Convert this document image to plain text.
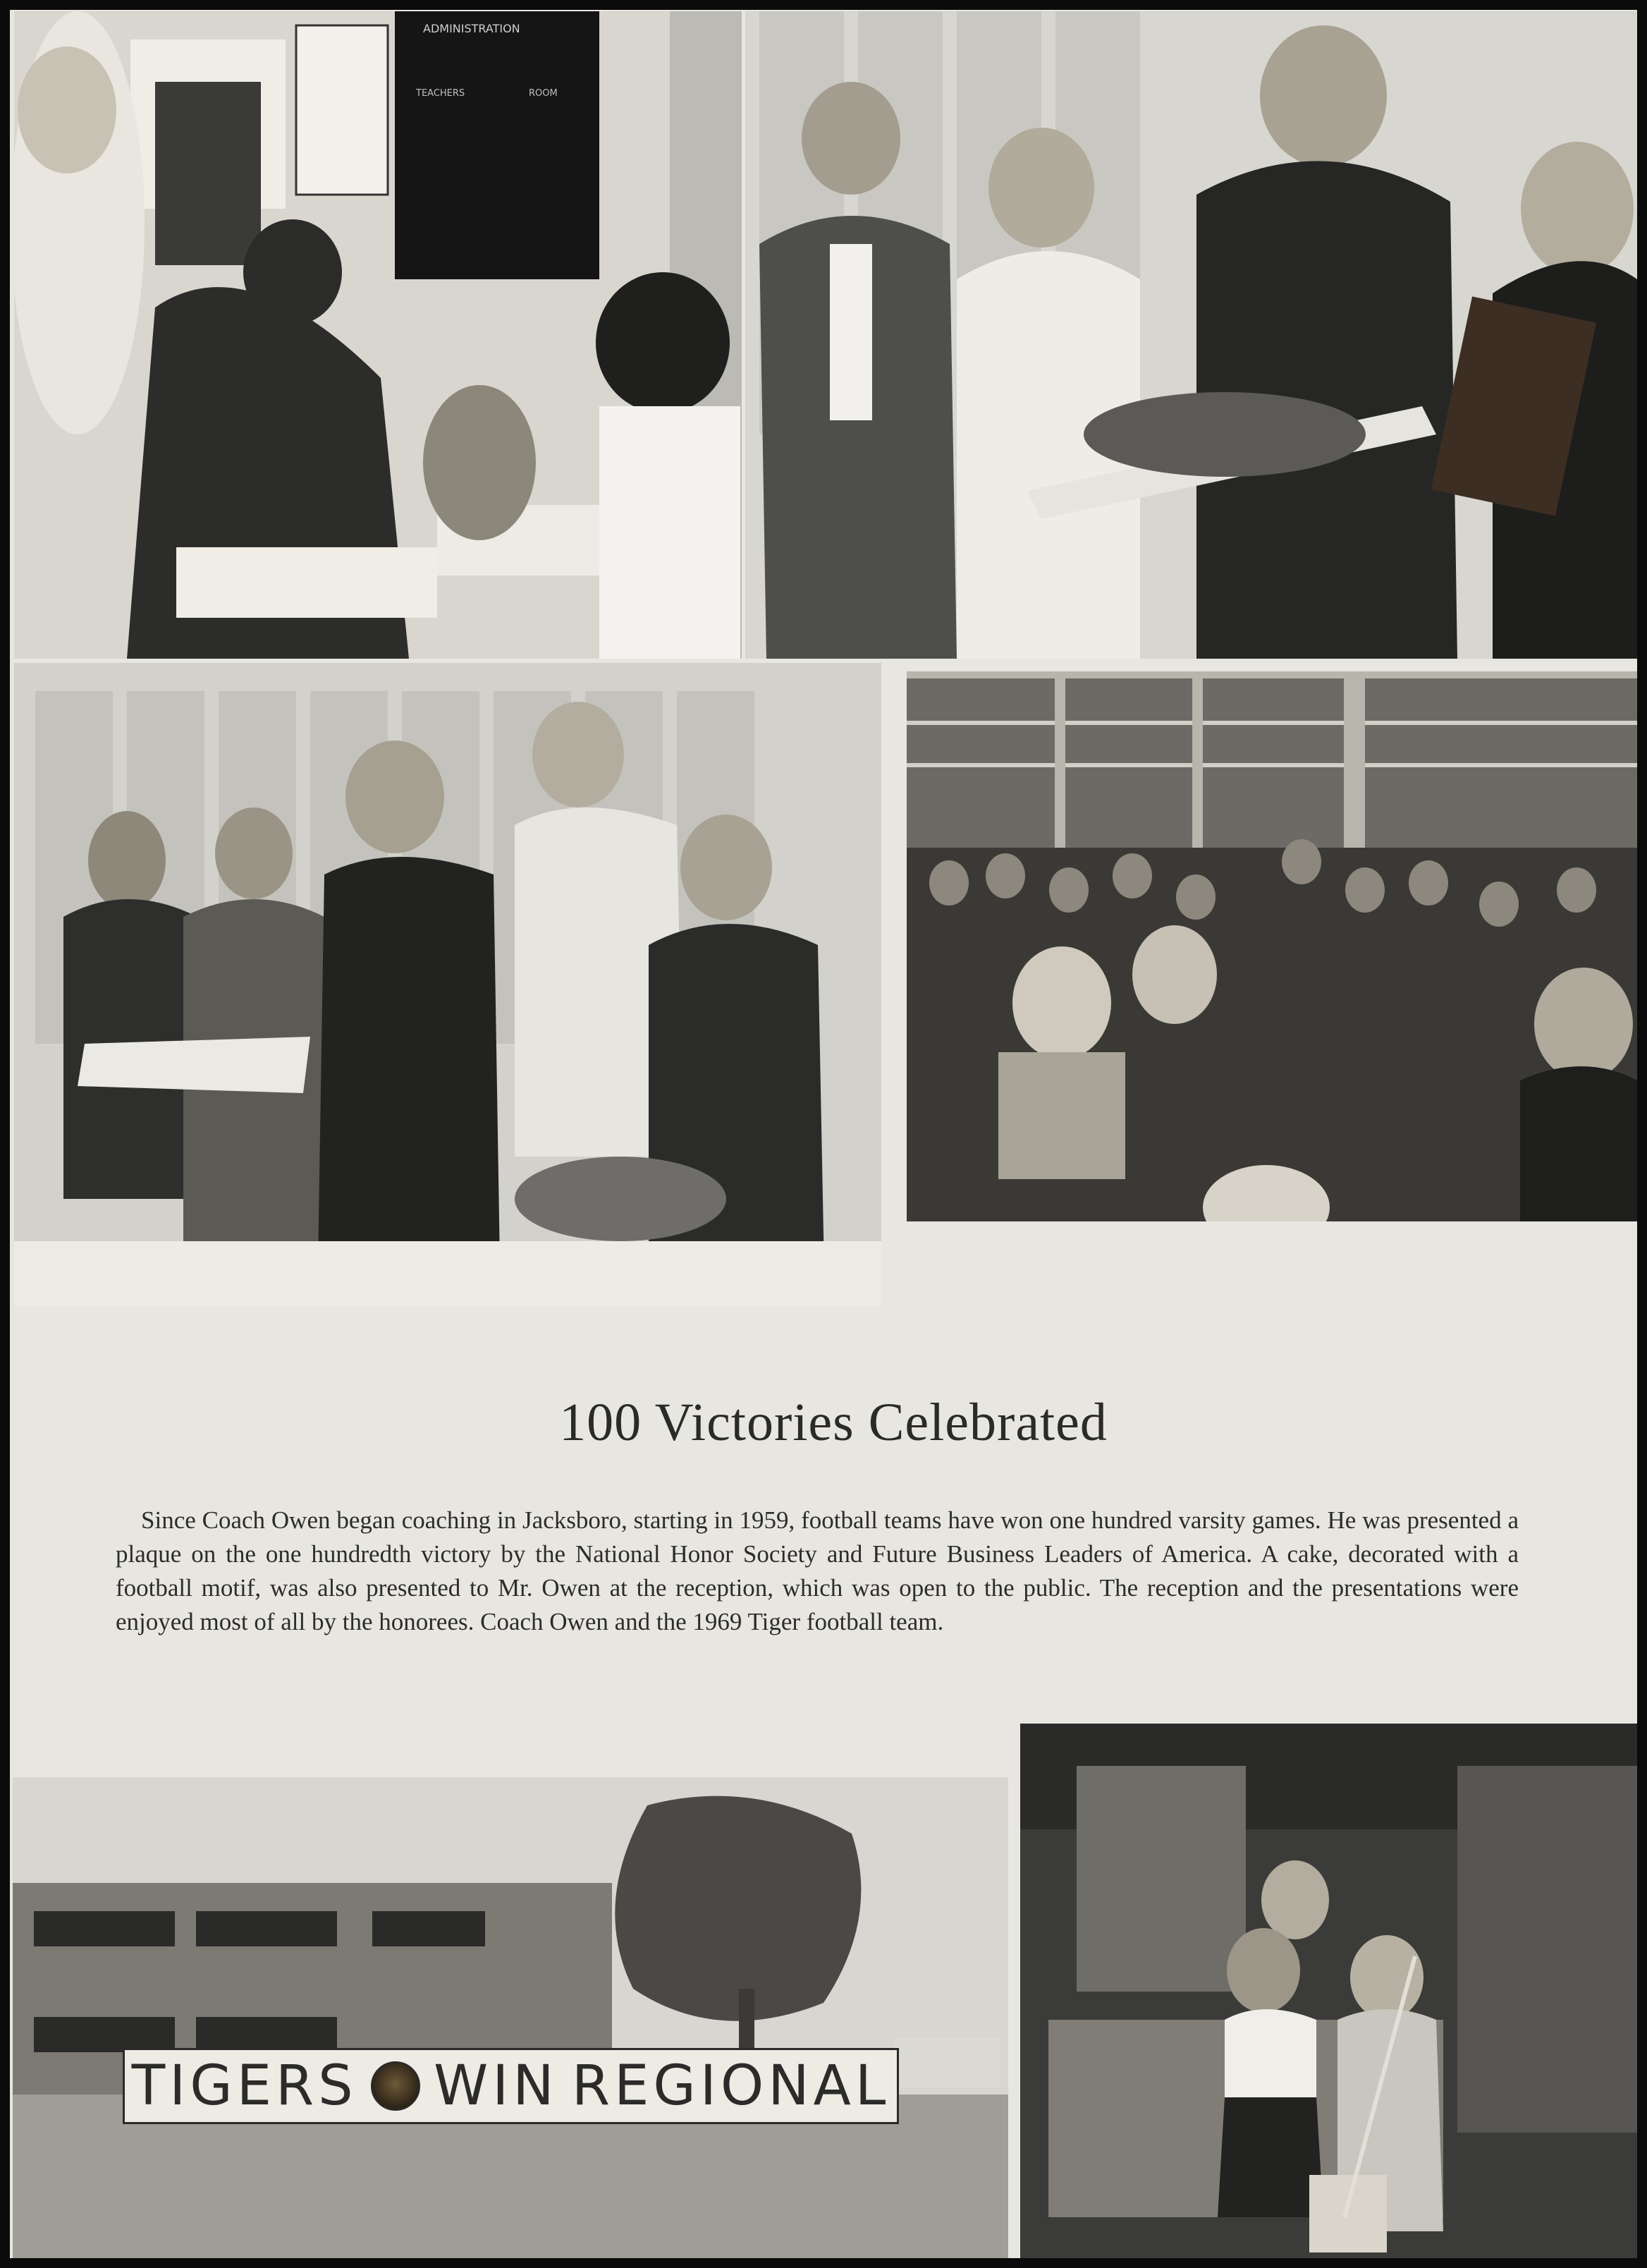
ADMINISTRATION
TEACHERS	ROOM
100 Victories Celebrated
Since Coach Owen began coaching in Jacksboro, starting in 1959, football teams have won one hundred varsity games. He was presented a plaque on the one hundredth victory by the National Honor Society and Future Business Leaders of America. A cake, decorated with a football motif, was also presented to Mr. Owen at the reception, which was open to the public. The reception and the presentations were enjoyed most of all by the honorees. Coach Owen and the 1969 Tiger football team.
TIGERS WIN REGIONAL
